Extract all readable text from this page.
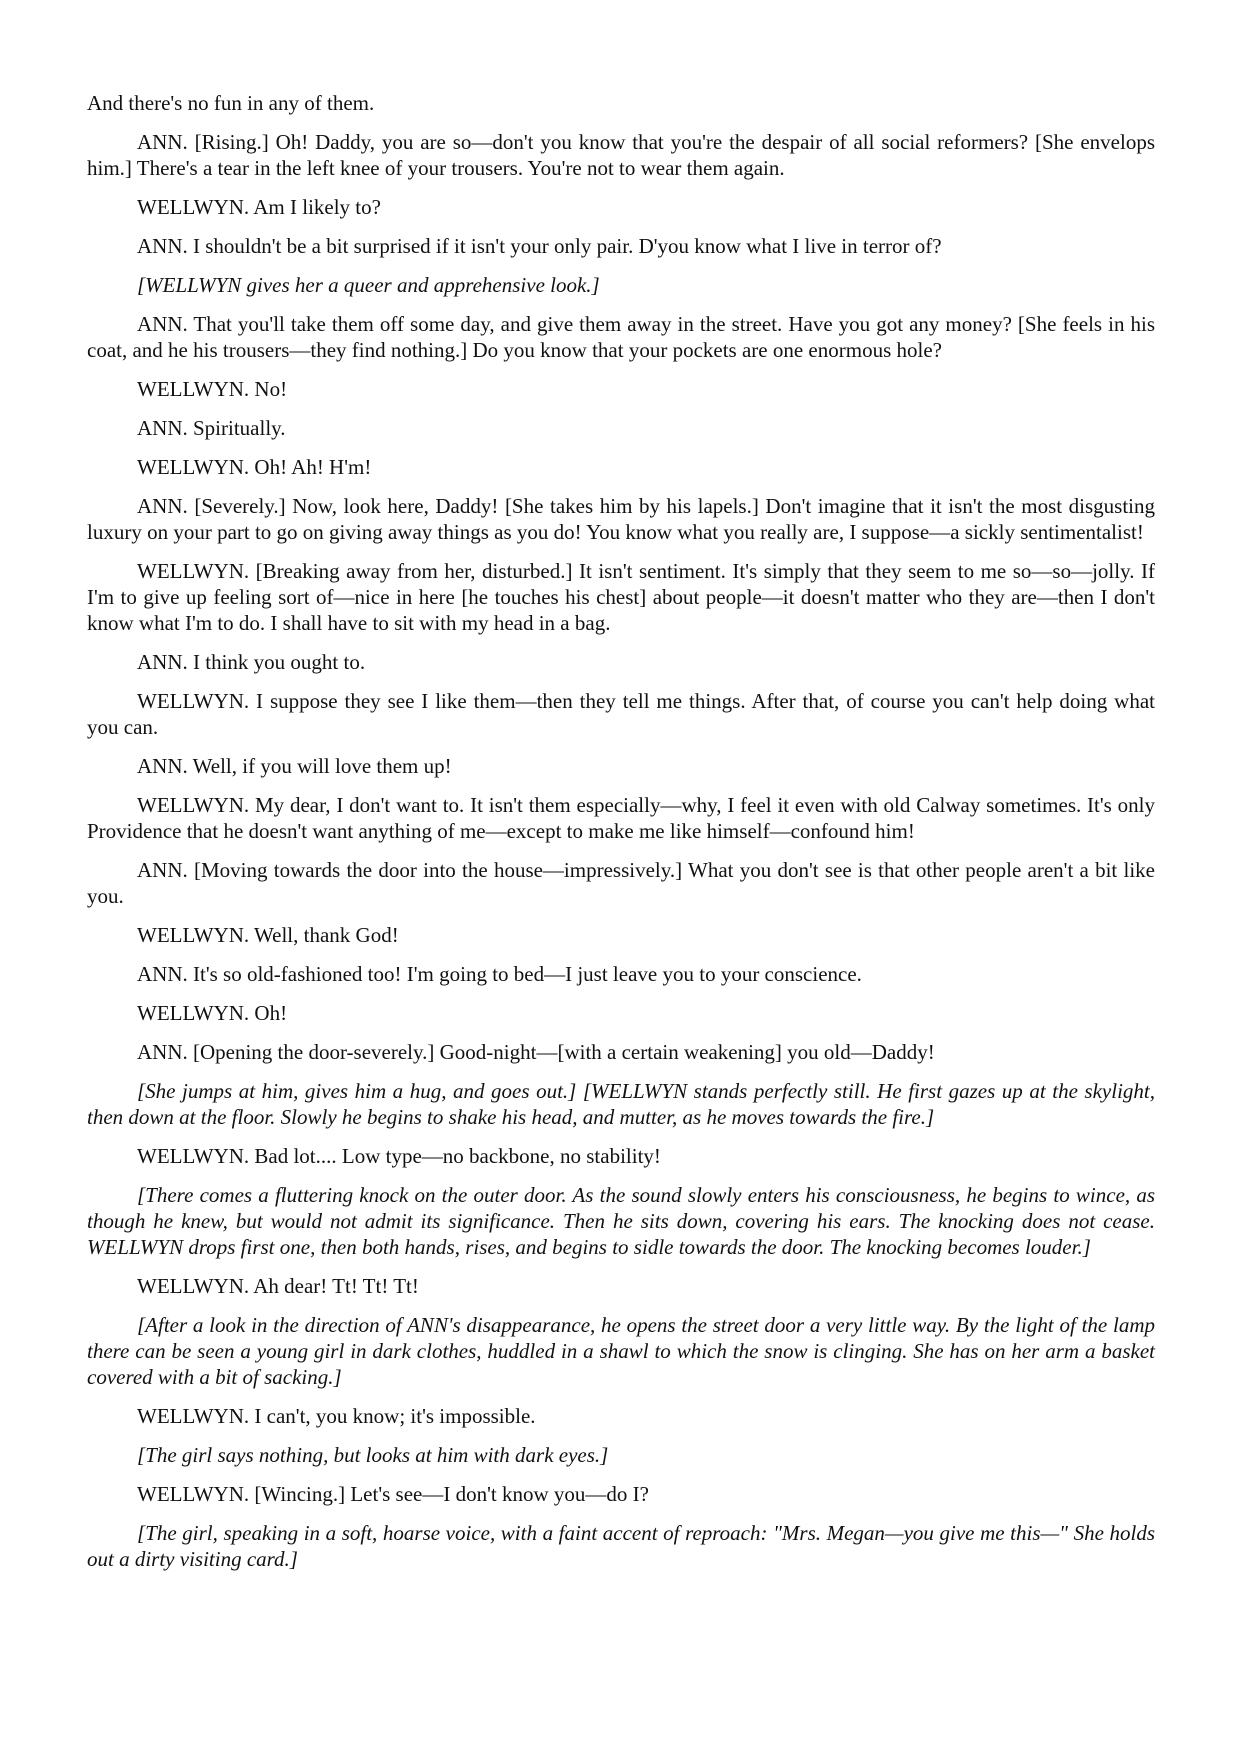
And there's no fun in any of them.

ANN. [Rising.] Oh! Daddy, you are so—don't you know that you're the despair of all social reformers? [She envelops him.] There's a tear in the left knee of your trousers. You're not to wear them again.

WELLWYN. Am I likely to?

ANN. I shouldn't be a bit surprised if it isn't your only pair. D'you know what I live in terror of?

[WELLWYN gives her a queer and apprehensive look.]

ANN. That you'll take them off some day, and give them away in the street. Have you got any money? [She feels in his coat, and he his trousers—they find nothing.] Do you know that your pockets are one enormous hole?

WELLWYN. No!

ANN. Spiritually.

WELLWYN. Oh! Ah! H'm!

ANN. [Severely.] Now, look here, Daddy! [She takes him by his lapels.] Don't imagine that it isn't the most disgusting luxury on your part to go on giving away things as you do! You know what you really are, I suppose—a sickly sentimentalist!

WELLWYN. [Breaking away from her, disturbed.] It isn't sentiment. It's simply that they seem to me so—so—jolly. If I'm to give up feeling sort of—nice in here [he touches his chest] about people—it doesn't matter who they are—then I don't know what I'm to do. I shall have to sit with my head in a bag.

ANN. I think you ought to.

WELLWYN. I suppose they see I like them—then they tell me things. After that, of course you can't help doing what you can.

ANN. Well, if you will love them up!

WELLWYN. My dear, I don't want to. It isn't them especially—why, I feel it even with old Calway sometimes. It's only Providence that he doesn't want anything of me—except to make me like himself—confound him!

ANN. [Moving towards the door into the house—impressively.] What you don't see is that other people aren't a bit like you.

WELLWYN. Well, thank God!

ANN. It's so old-fashioned too! I'm going to bed—I just leave you to your conscience.

WELLWYN. Oh!

ANN. [Opening the door-severely.] Good-night—[with a certain weakening] you old—Daddy!

[She jumps at him, gives him a hug, and goes out.] [WELLWYN stands perfectly still. He first gazes up at the skylight, then down at the floor. Slowly he begins to shake his head, and mutter, as he moves towards the fire.]

WELLWYN. Bad lot.... Low type—no backbone, no stability!

[There comes a fluttering knock on the outer door. As the sound slowly enters his consciousness, he begins to wince, as though he knew, but would not admit its significance. Then he sits down, covering his ears. The knocking does not cease. WELLWYN drops first one, then both hands, rises, and begins to sidle towards the door. The knocking becomes louder.]

WELLWYN. Ah dear! Tt! Tt! Tt!

[After a look in the direction of ANN's disappearance, he opens the street door a very little way. By the light of the lamp there can be seen a young girl in dark clothes, huddled in a shawl to which the snow is clinging. She has on her arm a basket covered with a bit of sacking.]

WELLWYN. I can't, you know; it's impossible.

[The girl says nothing, but looks at him with dark eyes.]

WELLWYN. [Wincing.] Let's see—I don't know you—do I?

[The girl, speaking in a soft, hoarse voice, with a faint accent of reproach: "Mrs. Megan—you give me this—" She holds out a dirty visiting card.]
